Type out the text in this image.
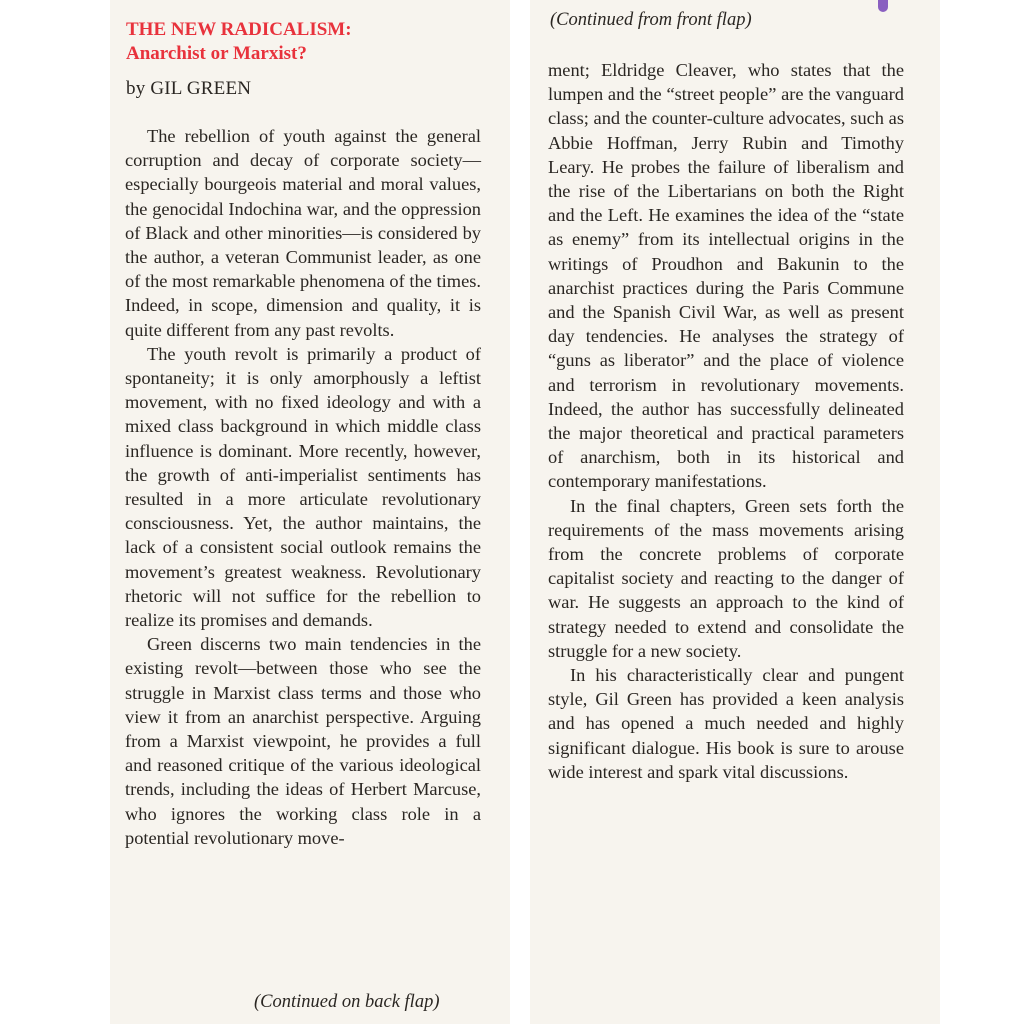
THE NEW RADICALISM:
Anarchist or Marxist?

by GIL GREEN

The rebellion of youth against the general corruption and decay of corporate society—especially bourgeois material and moral values, the genocidal Indochina war, and the oppression of Black and other minorities—is considered by the author, a veteran Communist leader, as one of the most remarkable phenomena of the times. Indeed, in scope, dimension and quality, it is quite different from any past revolts.

The youth revolt is primarily a product of spontaneity; it is only amorphously a leftist movement, with no fixed ideology and with a mixed class background in which middle class influence is dominant. More recently, however, the growth of anti-imperialist sentiments has resulted in a more articulate revolutionary consciousness. Yet, the author maintains, the lack of a consistent social outlook remains the movement’s greatest weakness. Revolutionary rhetoric will not suffice for the rebellion to realize its promises and demands.

Green discerns two main tendencies in the existing revolt—between those who see the struggle in Marxist class terms and those who view it from an anarchist perspective. Arguing from a Marxist viewpoint, he provides a full and reasoned critique of the various ideological trends, including the ideas of Herbert Marcuse, who ignores the working class role in a potential revolutionary move-

(Continued on back flap)

(Continued from front flap)

ment; Eldridge Cleaver, who states that the lumpen and the “street people” are the vanguard class; and the counter-culture advocates, such as Abbie Hoffman, Jerry Rubin and Timothy Leary. He probes the failure of liberalism and the rise of the Libertarians on both the Right and the Left. He examines the idea of the “state as enemy” from its intellectual origins in the writings of Proudhon and Bakunin to the anarchist practices during the Paris Commune and the Spanish Civil War, as well as present day tendencies. He analyses the strategy of “guns as liberator” and the place of violence and terrorism in revolutionary movements. Indeed, the author has successfully delineated the major theoretical and practical parameters of anarchism, both in its historical and contemporary manifestations.

In the final chapters, Green sets forth the requirements of the mass movements arising from the concrete problems of corporate capitalist society and reacting to the danger of war. He suggests an approach to the kind of strategy needed to extend and consolidate the struggle for a new society.

In his characteristically clear and pungent style, Gil Green has provided a keen analysis and has opened a much needed and highly significant dialogue. His book is sure to arouse wide interest and spark vital discussions.
